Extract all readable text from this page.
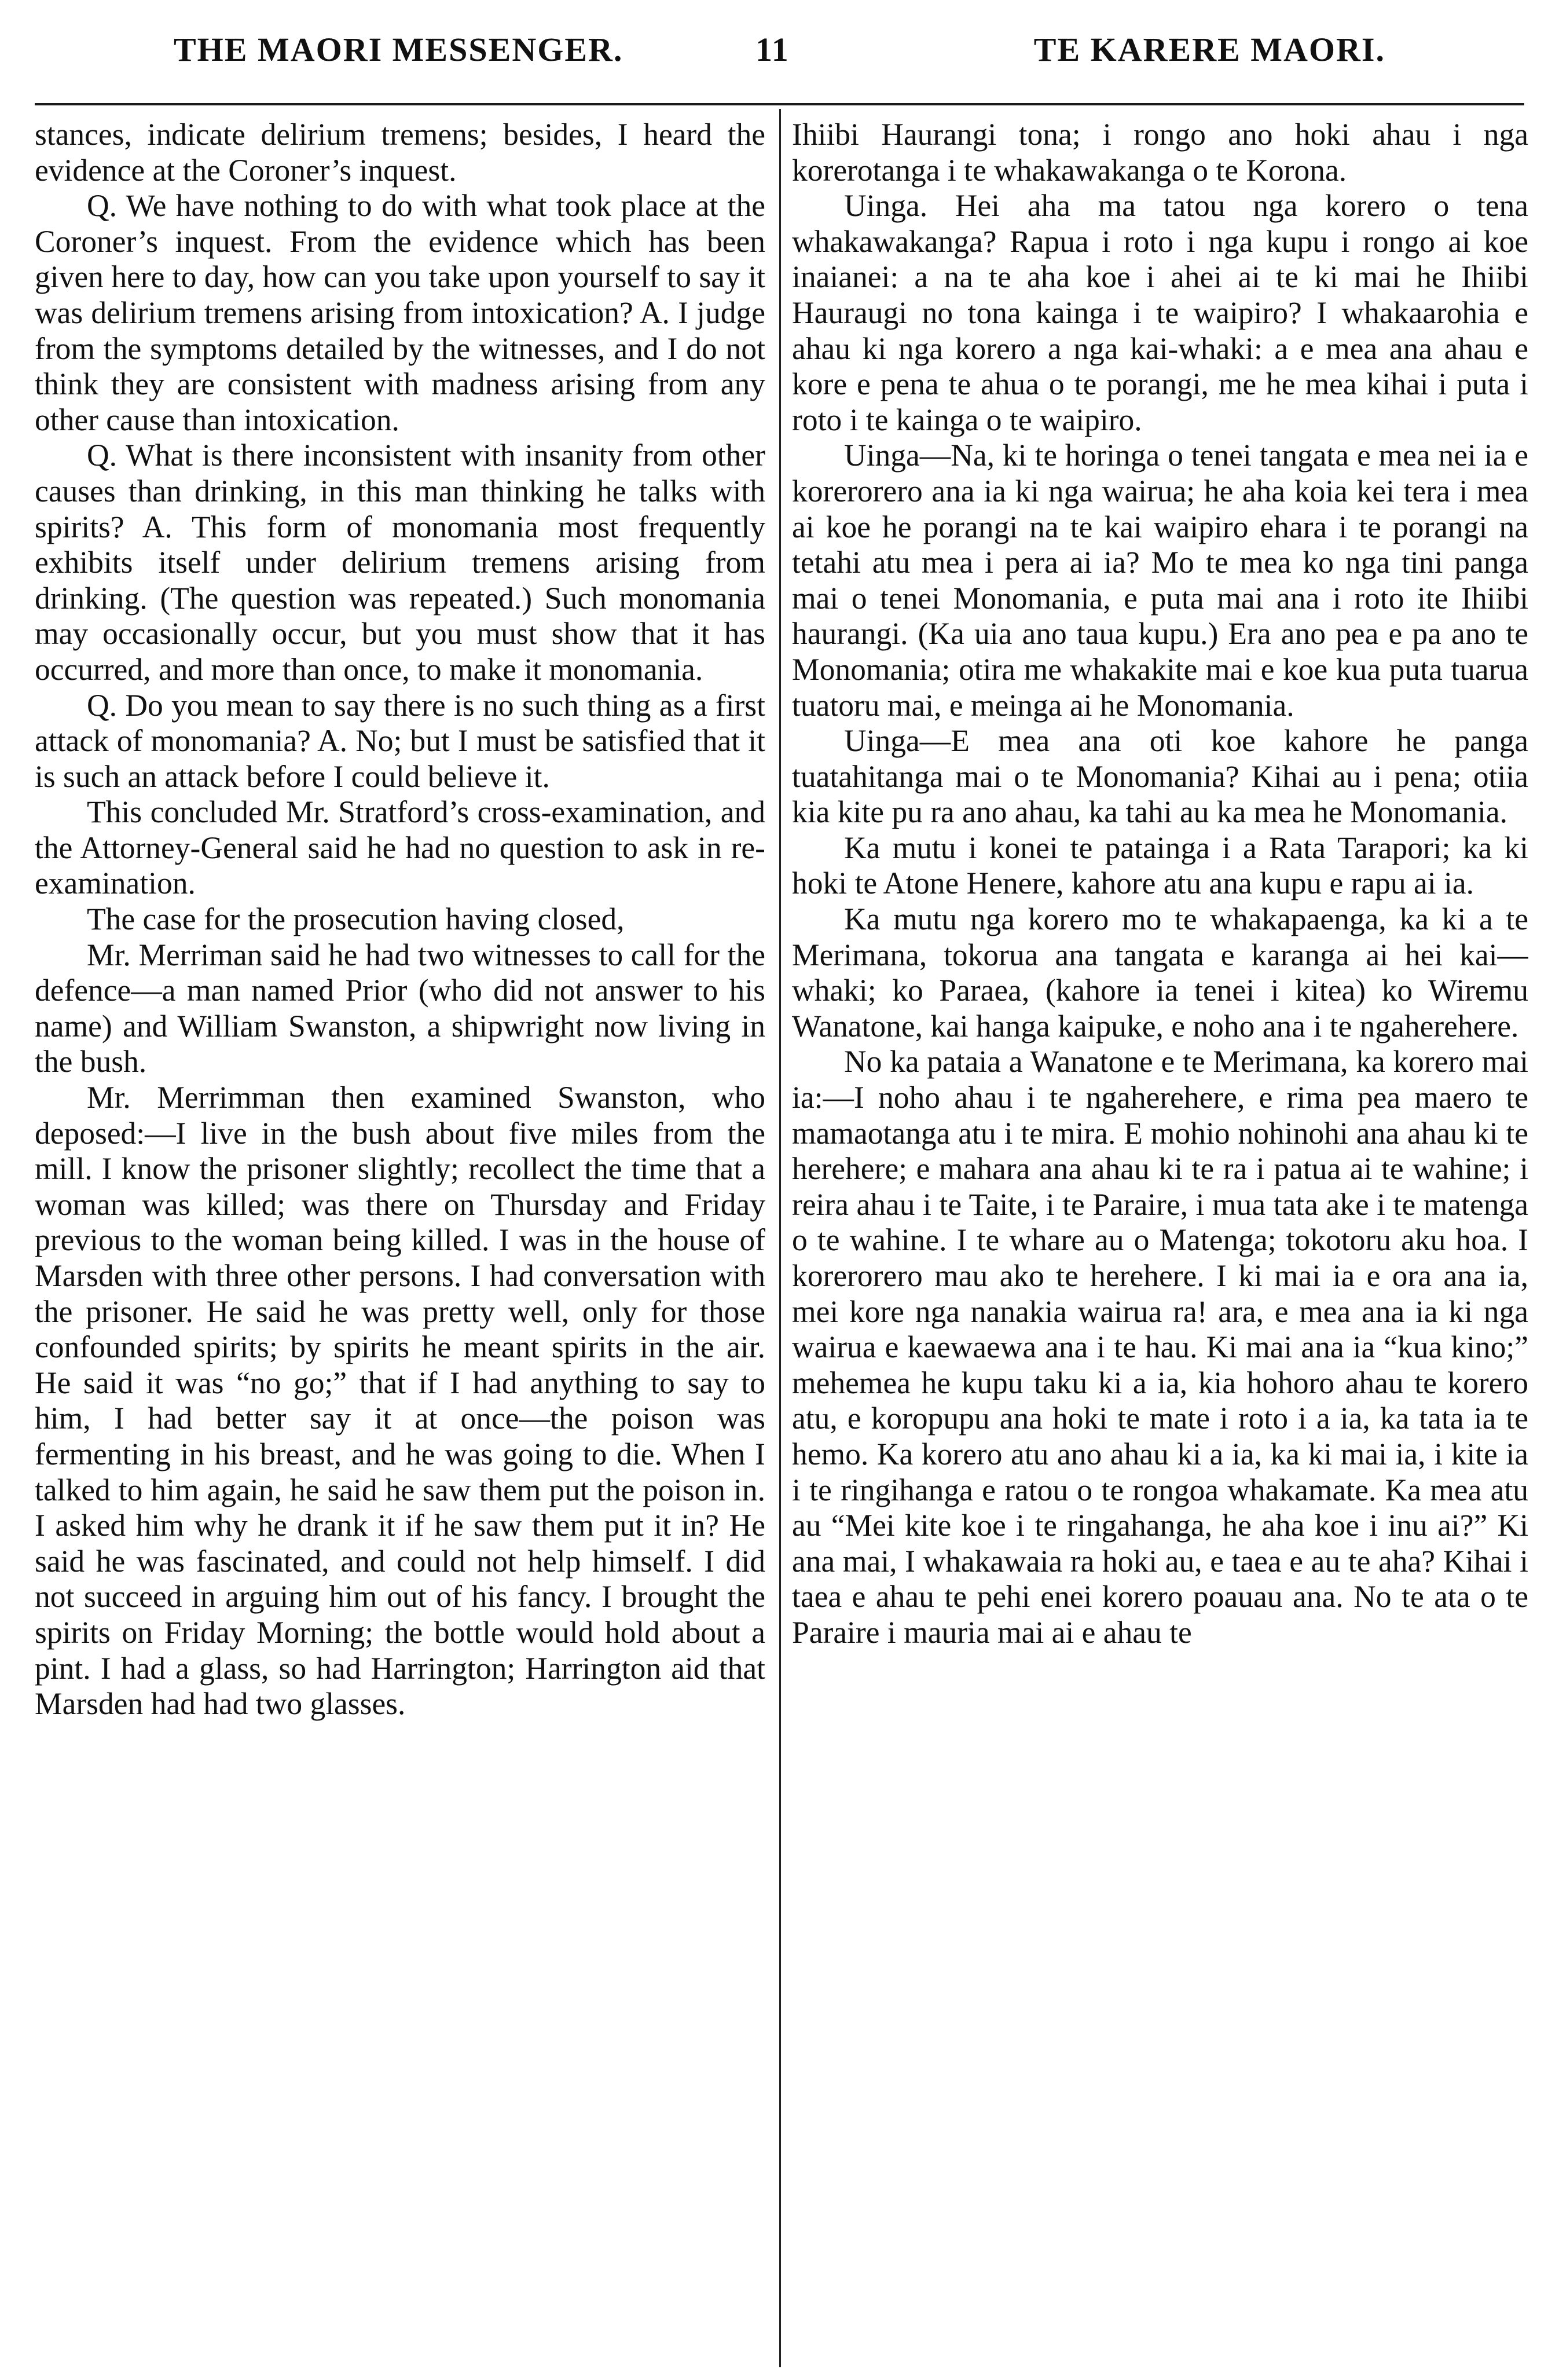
THE MAORI MESSENGER.	11	TE KARERE MAORI.

stances, indicate delirium tremens; besides, I heard the evidence at the Coroner’s inquest.

Q. We have nothing to do with what took place at the Coroner’s inquest. From the evidence which has been given here to day, how can you take upon yourself to say it was delirium tremens arising from intoxication? A. I judge from the symptoms detailed by the witnesses, and I do not think they are consistent with madness arising from any other cause than intoxication.

Q. What is there inconsistent with insanity from other causes than drinking, in this man thinking he talks with spirits? A. This form of monomania most frequently exhibits itself under delirium tremens arising from drinking. (The question was repeated.) Such monomania may occasionally occur, but you must show that it has occurred, and more than once, to make it monomania.

Q. Do you mean to say there is no such thing as a first attack of monomania? A. No; but I must be satisfied that it is such an attack before I could believe it.

This concluded Mr. Stratford’s cross-examination, and the Attorney-General said he had no question to ask in re-examination.

The case for the prosecution having closed,

Mr. Merriman said he had two witnesses to call for the defence—a man named Prior (who did not answer to his name) and William Swanston, a shipwright now living in the bush.

Mr. Merrimman then examined Swanston, who deposed:—I live in the bush about five miles from the mill. I know the prisoner slightly; recollect the time that a woman was killed; was there on Thursday and Friday previous to the woman being killed. I was in the house of Marsden with three other persons. I had conversation with the prisoner. He said he was pretty well, only for those confounded spirits; by spirits he meant spirits in the air. He said it was “no go;” that if I had anything to say to him, I had better say it at once—the poison was fermenting in his breast, and he was going to die. When I talked to him again, he said he saw them put the poison in. I asked him why he drank it if he saw them put it in? He said he was fascinated, and could not help himself. I did not succeed in arguing him out of his fancy. I brought the spirits on Friday Morning; the bottle would hold about a pint. I had a glass, so had Harrington; Harrington aid that Marsden had had two glasses.

Ihiibi Haurangi tona; i rongo ano hoki ahau i nga korerotanga i te whakawakanga o te Korona.

Uinga. Hei aha ma tatou nga korero o tena whakawakanga? Rapua i roto i nga kupu i rongo ai koe inaianei: a na te aha koe i ahei ai te ki mai he Ihiibi Hauraugi no tona kainga i te waipiro? I whakaarohia e ahau ki nga korero a nga kai-whaki: a e mea ana ahau e kore e pena te ahua o te porangi, me he mea kihai i puta i roto i te kainga o te waipiro.

Uinga—Na, ki te horinga o tenei tangata e mea nei ia e korerorero ana ia ki nga wairua; he aha koia kei tera i mea ai koe he porangi na te kai waipiro ehara i te porangi na tetahi atu mea i pera ai ia? Mo te mea ko nga tini panga mai o tenei Monomania, e puta mai ana i roto ite Ihiibi haurangi. (Ka uia ano taua kupu.) Era ano pea e pa ano te Monomania; otira me whakakite mai e koe kua puta tuarua tuatoru mai, e meinga ai he Monomania.

Uinga—E mea ana oti koe kahore he panga tuatahitanga mai o te Monomania? Kihai au i pena; otiia kia kite pu ra ano ahau, ka tahi au ka mea he Monomania.

Ka mutu i konei te patainga i a Rata Tarapori; ka ki hoki te Atone Henere, kahore atu ana kupu e rapu ai ia.

Ka mutu nga korero mo te whakapaenga, ka ki a te Merimana, tokorua ana tangata e karanga ai hei kai—whaki; ko Paraea, (kahore ia tenei i kitea) ko Wiremu Wanatone, kai hanga kaipuke, e noho ana i te ngaherehere.

No ka pataia a Wanatone e te Merimana, ka korero mai ia:—I noho ahau i te ngaherehere, e rima pea maero te mamaotanga atu i te mira. E mohio nohinohi ana ahau ki te herehere; e mahara ana ahau ki te ra i patua ai te wahine; i reira ahau i te Taite, i te Paraire, i mua tata ake i te matenga o te wahine. I te whare au o Matenga; tokotoru aku hoa. I korerorero mau ako te herehere. I ki mai ia e ora ana ia, mei kore nga nanakia wairua ra! ara, e mea ana ia ki nga wairua e kaewaewa ana i te hau. Ki mai ana ia “kua kino;” mehemea he kupu taku ki a ia, kia hohoro ahau te korero atu, e koropupu ana hoki te mate i roto i a ia, ka tata ia te hemo. Ka korero atu ano ahau ki a ia, ka ki mai ia, i kite ia i te ringihanga e ratou o te rongoa whakamate. Ka mea atu au “Mei kite koe i te ringahanga, he aha koe i inu ai?” Ki ana mai, I whakawaia ra hoki au, e taea e au te aha? Kihai i taea e ahau te pehi enei korero poauau ana. No te ata o te Paraire i mauria mai ai e ahau te
